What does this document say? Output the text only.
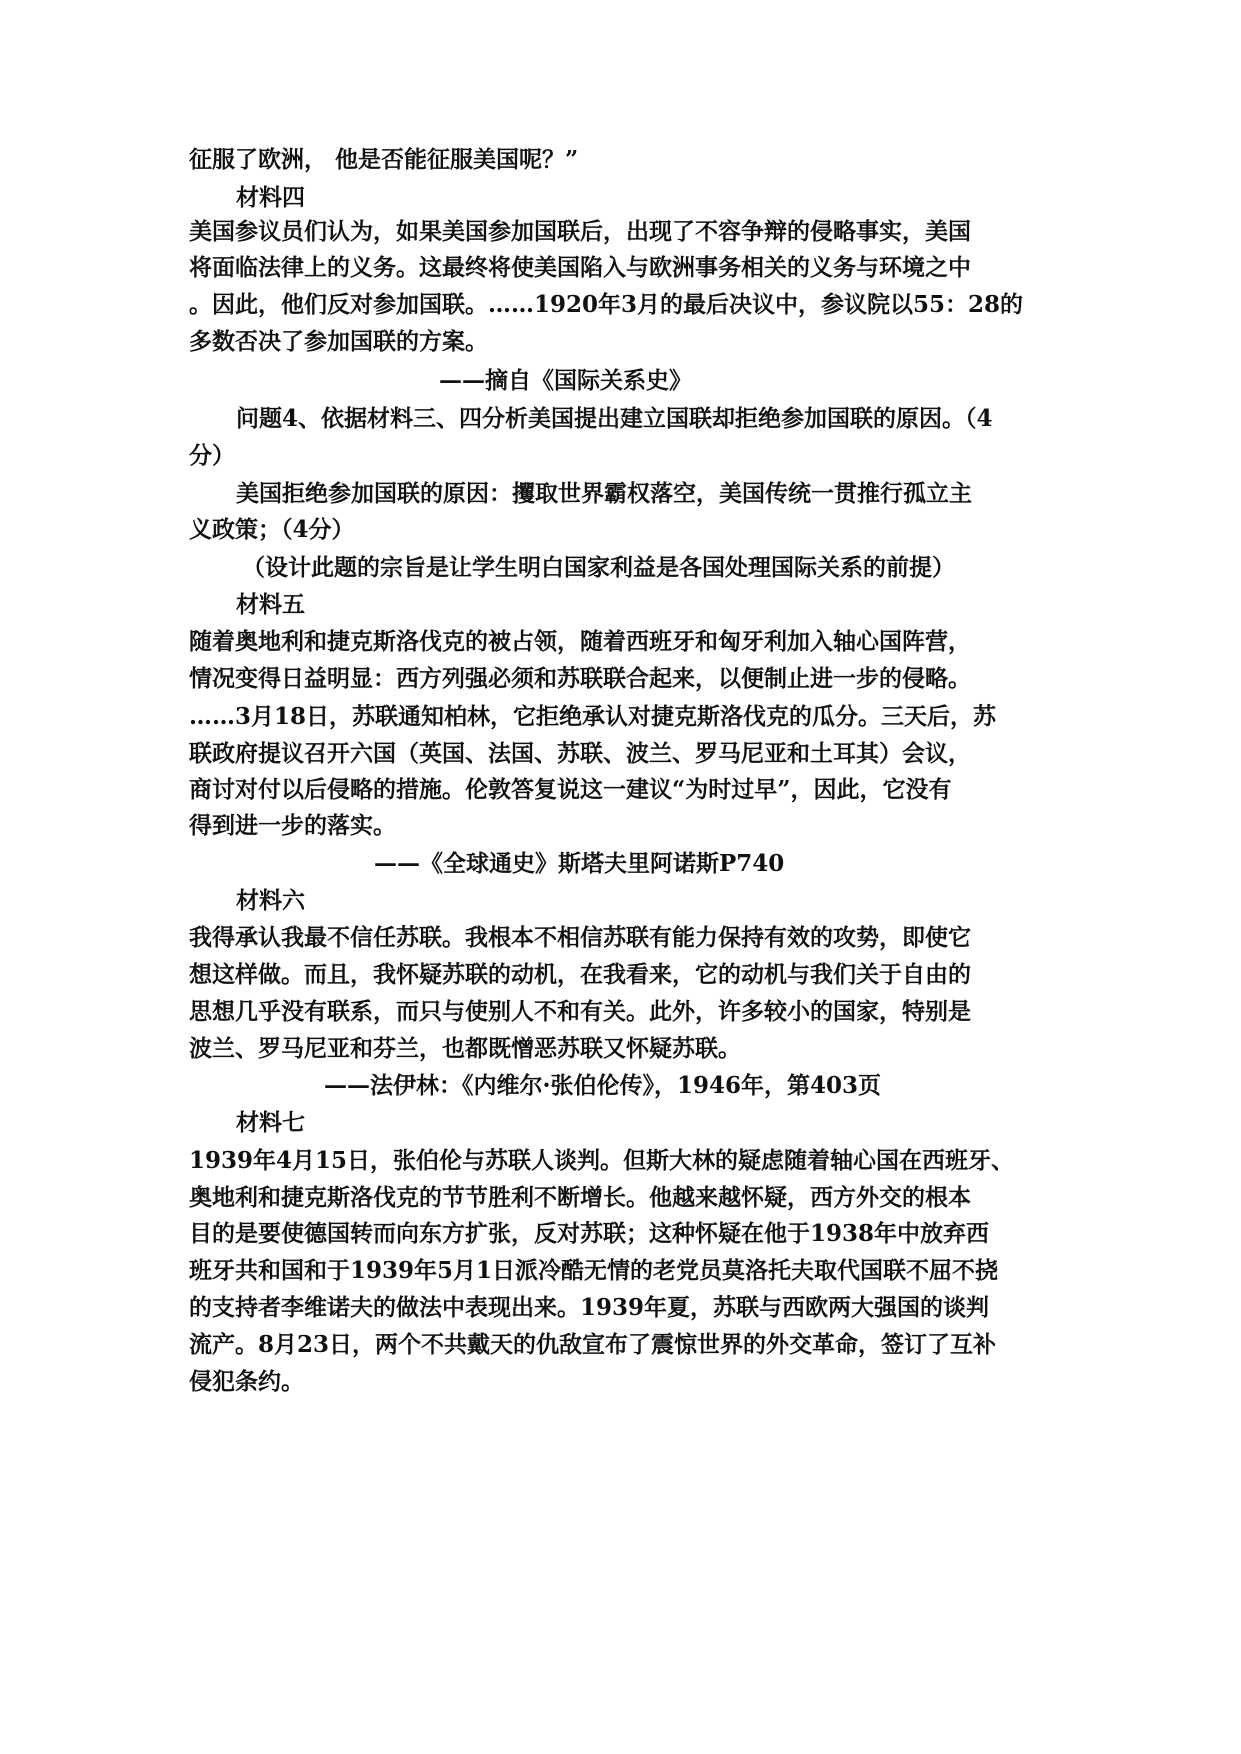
征服了欧洲， 他是否能征服美国呢？”
材料四
美国参议员们认为，如果美国参加国联后，出现了不容争辩的侵略事实，美国
将面临法律上的义务。这最终将使美国陷入与欧洲事务相关的义务与环境之中
。因此，他们反对参加国联。……1920年3月的最后决议中，参议院以55：28的
多数否决了参加国联的方案。
——摘自《国际关系史》
问题4、依据材料三、四分析美国提出建立国联却拒绝参加国联的原因。（4
分）
美国拒绝参加国联的原因：攫取世界霸权落空，美国传统一贯推行孤立主
义政策；（4分）
（设计此题的宗旨是让学生明白国家利益是各国处理国际关系的前提）
材料五
随着奥地利和捷克斯洛伐克的被占领，随着西班牙和匈牙利加入轴心国阵营，
情况变得日益明显：西方列强必须和苏联联合起来，以便制止进一步的侵略。
……3月18日，苏联通知柏林，它拒绝承认对捷克斯洛伐克的瓜分。三天后，苏
联政府提议召开六国（英国、法国、苏联、波兰、罗马尼亚和土耳其）会议，
商讨对付以后侵略的措施。伦敦答复说这一建议“为时过早”，因此，它没有
得到进一步的落实。
——《全球通史》斯塔夫里阿诺斯P740
材料六
我得承认我最不信任苏联。我根本不相信苏联有能力保持有效的攻势，即使它
想这样做。而且，我怀疑苏联的动机，在我看来，它的动机与我们关于自由的
思想几乎没有联系，而只与使别人不和有关。此外，许多较小的国家，特别是
波兰、罗马尼亚和芬兰，也都既憎恶苏联又怀疑苏联。
——法伊林：《内维尔·张伯伦传》，1946年，第403页
材料七
1939年4月15日，张伯伦与苏联人谈判。但斯大林的疑虑随着轴心国在西班牙、
奥地利和捷克斯洛伐克的节节胜利不断增长。他越来越怀疑，西方外交的根本
目的是要使德国转而向东方扩张，反对苏联；这种怀疑在他于1938年中放弃西
班牙共和国和于1939年5月1日派冷酷无情的老党员莫洛托夫取代国联不屈不挠
的支持者李维诺夫的做法中表现出来。1939年夏，苏联与西欧两大强国的谈判
流产。8月23日，两个不共戴天的仇敌宣布了震惊世界的外交革命，签订了互补
侵犯条约。
